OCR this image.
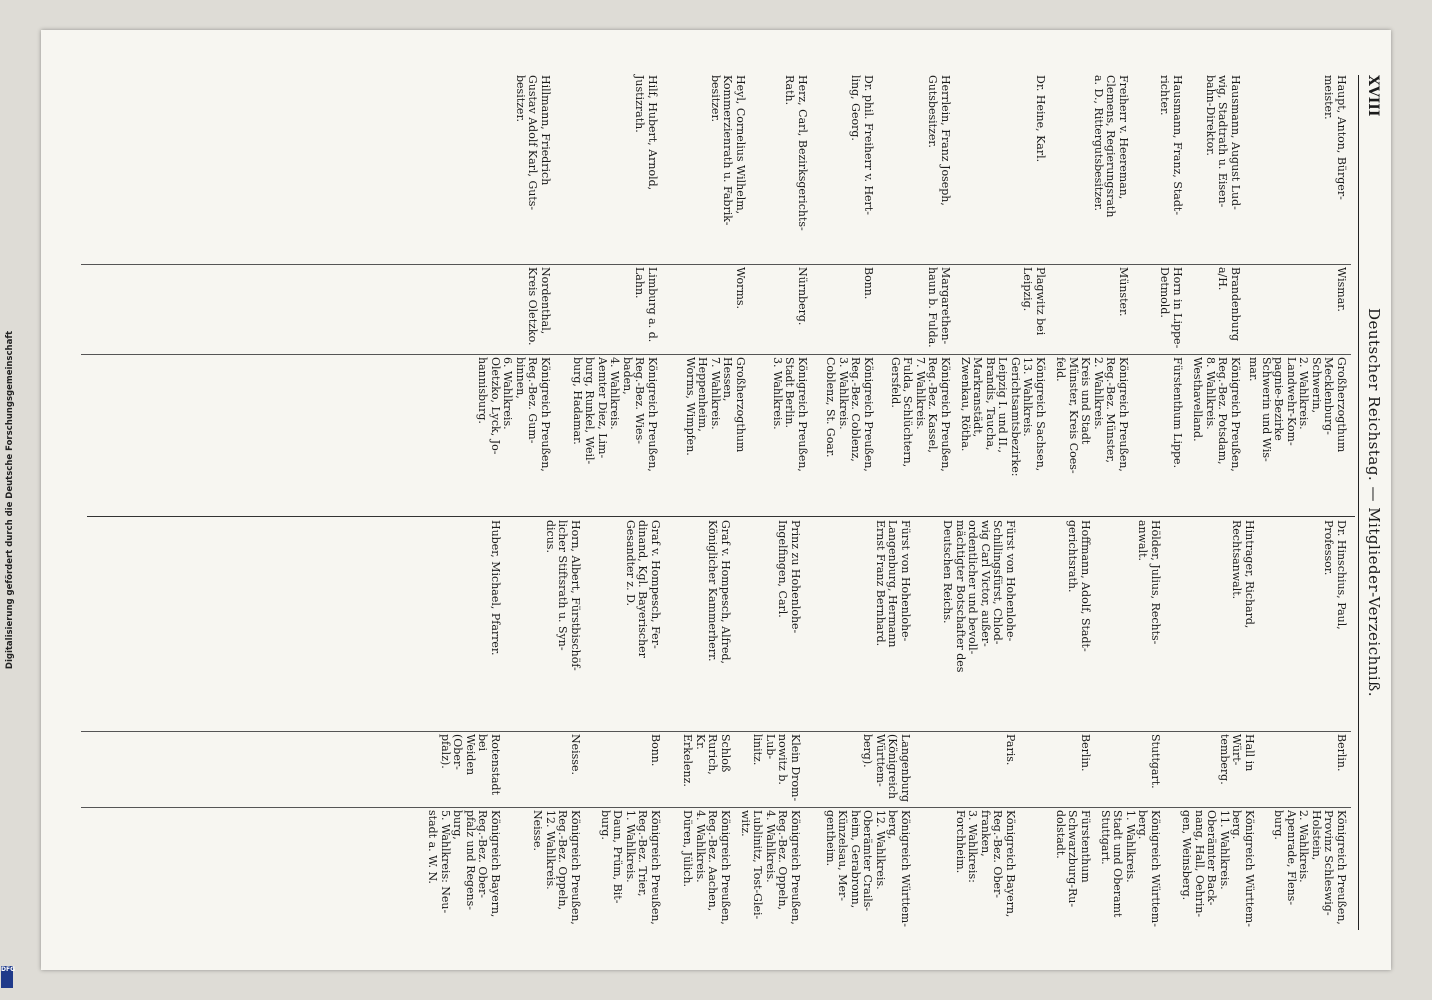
XVIII
Deutscher Reichstag. — Mitglieder-Verzeichniß.
Haupt, Anton, Bürger-
meister.
Wismar.
Großherzogthum
Mecklenburg-
Schwerin,
2. Wahlkreis.
Landwehr-Kom-
pagnie-Bezirke
Schwerin und Wis-
mar.
Hausmann, August Lud-
wig, Stadtrath u. Eisen-
bahn-Direktor.
Brandenburg
a/H.
Königreich Preußen,
Reg.-Bez. Potsdam,
8. Wahlkreis.
Westhavelland.
Hausmann, Franz, Stadt-
richter.
Horn in Lippe-
Detmold.
Fürstenthum Lippe.
Freiherr v. Heereman,
Clemens, Regierungsrath
a. D., Rittergutsbesitzer.
Münster.
Königreich Preußen,
Reg.-Bez. Münster,
2. Wahlkreis.
Kreis und Stadt
Münster, Kreis Coes-
feld.
Dr. Heine, Karl.
Plagwitz bei
Leipzig.
Königreich Sachsen,
13. Wahlkreis.
Gerichtsamtsbezirke:
Leipzig I. und II.,
Brandis, Taucha,
Markranstädt,
Zwenkau, Rötha.
Herrlein, Franz Joseph,
Gutsbesitzer.
Margarethen-
haun b. Fulda.
Königreich Preußen,
Reg.-Bez. Kassel,
7. Wahlkreis.
Fulda, Schlüchtern,
Gersfeld.
Dr. phil. Freiherr v. Hert-
ling, Georg.
Bonn.
Königreich Preußen,
Reg.-Bez. Coblenz,
3. Wahlkreis.
Coblenz, St. Goar.
Herz, Carl, Bezirksgerichts-
Rath.
Nürnberg.
Königreich Preußen,
Stadt Berlin.
3. Wahlkreis.
Heyl, Cornelius Wilhelm,
Kommerzienrath u. Fabrik-
besitzer.
Worms.
Großherzogthum
Hessen,
7. Wahlkreis.
Heppenheim,
Worms, Wimpfen.
Hilf, Hubert, Arnold,
Justizrath.
Limburg a. d.
Lahn.
Königreich Preußen,
Reg.-Bez. Wies-
baden,
4. Wahlkreis.
Aemter Diez, Lim-
burg, Runkel, Weil-
burg, Hadamar.
Hillmann, Friedrich
Gustav Adolf Karl, Guts-
besitzer.
Nordenthal,
Kreis Oletzko.
Königreich Preußen,
Reg.-Bez. Gum-
binnen,
6. Wahlkreis.
Oletzko, Lyck, Jo-
hannisburg.
Dr. Hinschius, Paul,
Professor.
Berlin.
Königreich Preußen,
Provinz Schleswig-
Holstein,
2. Wahlkreis.
Apenrade, Flens-
burg.
Hintrager, Richard,
Rechtsanwalt.
Hall in Würt-
temberg.
Königreich Württem-
berg.
11. Wahlkreis.
Oberämter Back-
nang, Hall, Oehrin-
gen, Weinsberg.
Hölder, Julius, Rechts-
anwalt.
Stuttgart.
Königreich Württem-
berg.
1. Wahlkreis.
Stadt und Oberamt
Stuttgart.
Hoffmann, Adolf, Stadt-
gerichtsrath.
Berlin.
Fürstenthum
Schwarzburg-Ru-
dolstadt.
Fürst von Hohenlohe-
Schillingsfürst, Chlod-
wig Carl Victor, außer-
ordentlicher und bevoll-
mächtigter Botschafter des
Deutschen Reichs.
Paris.
Königreich Bayern,
Reg.-Bez. Ober-
franken,
3. Wahlkreis:
Forchheim.
Fürst von Hohenlohe-
Langenburg, Hermann
Ernst Franz Bernhard.
Langenburg
(Königreich
Württem-
berg).
Königreich Württem-
berg,
12. Wahlkreis.
Oberämter Crails-
heim, Gerabronn,
Künzelsau, Mer-
gentheim.
Prinz zu Hohenlohe-
Ingelfingen, Carl.
Klein Drom-
nowitz b. Lub-
linitz.
Königreich Preußen,
Reg.-Bez. Oppeln,
4. Wahlkreis.
Lublinitz, Tost-Glei-
witz.
Graf v. Hompesch, Alfred,
Königlicher Kammerherr.
Schloß Rurich,
Kr. Erkelenz.
Königreich Preußen,
Reg.-Bez. Aachen,
4. Wahlkreis.
Düren, Jülich.
Graf v. Hompesch, Fer-
dinand, Kgl. Bayerischer
Gesandter z. D.
Bonn.
Königreich Preußen,
Reg.-Bez. Trier,
1. Wahlkreis.
Daun, Prüm, Bit-
burg.
Horn, Albert, Fürstbischöf-
licher Stiftsrath u. Syn-
dicus.
Neisse.
Königreich Preußen,
Reg.-Bez. Oppeln,
12. Wahlkreis.
Neisse.
Huber, Michael, Pfarrer.
Rotenstadt bei
Weiden (Ober-
pfalz).
Königreich Bayern,
Reg.-Bez. Ober-
pfalz und Regens-
burg,
5. Wahlkreis: Neu-
stadt a. W. N.
Digitalisierung gefördert durch die Deutsche Forschungsgemeinschaft
DFG
